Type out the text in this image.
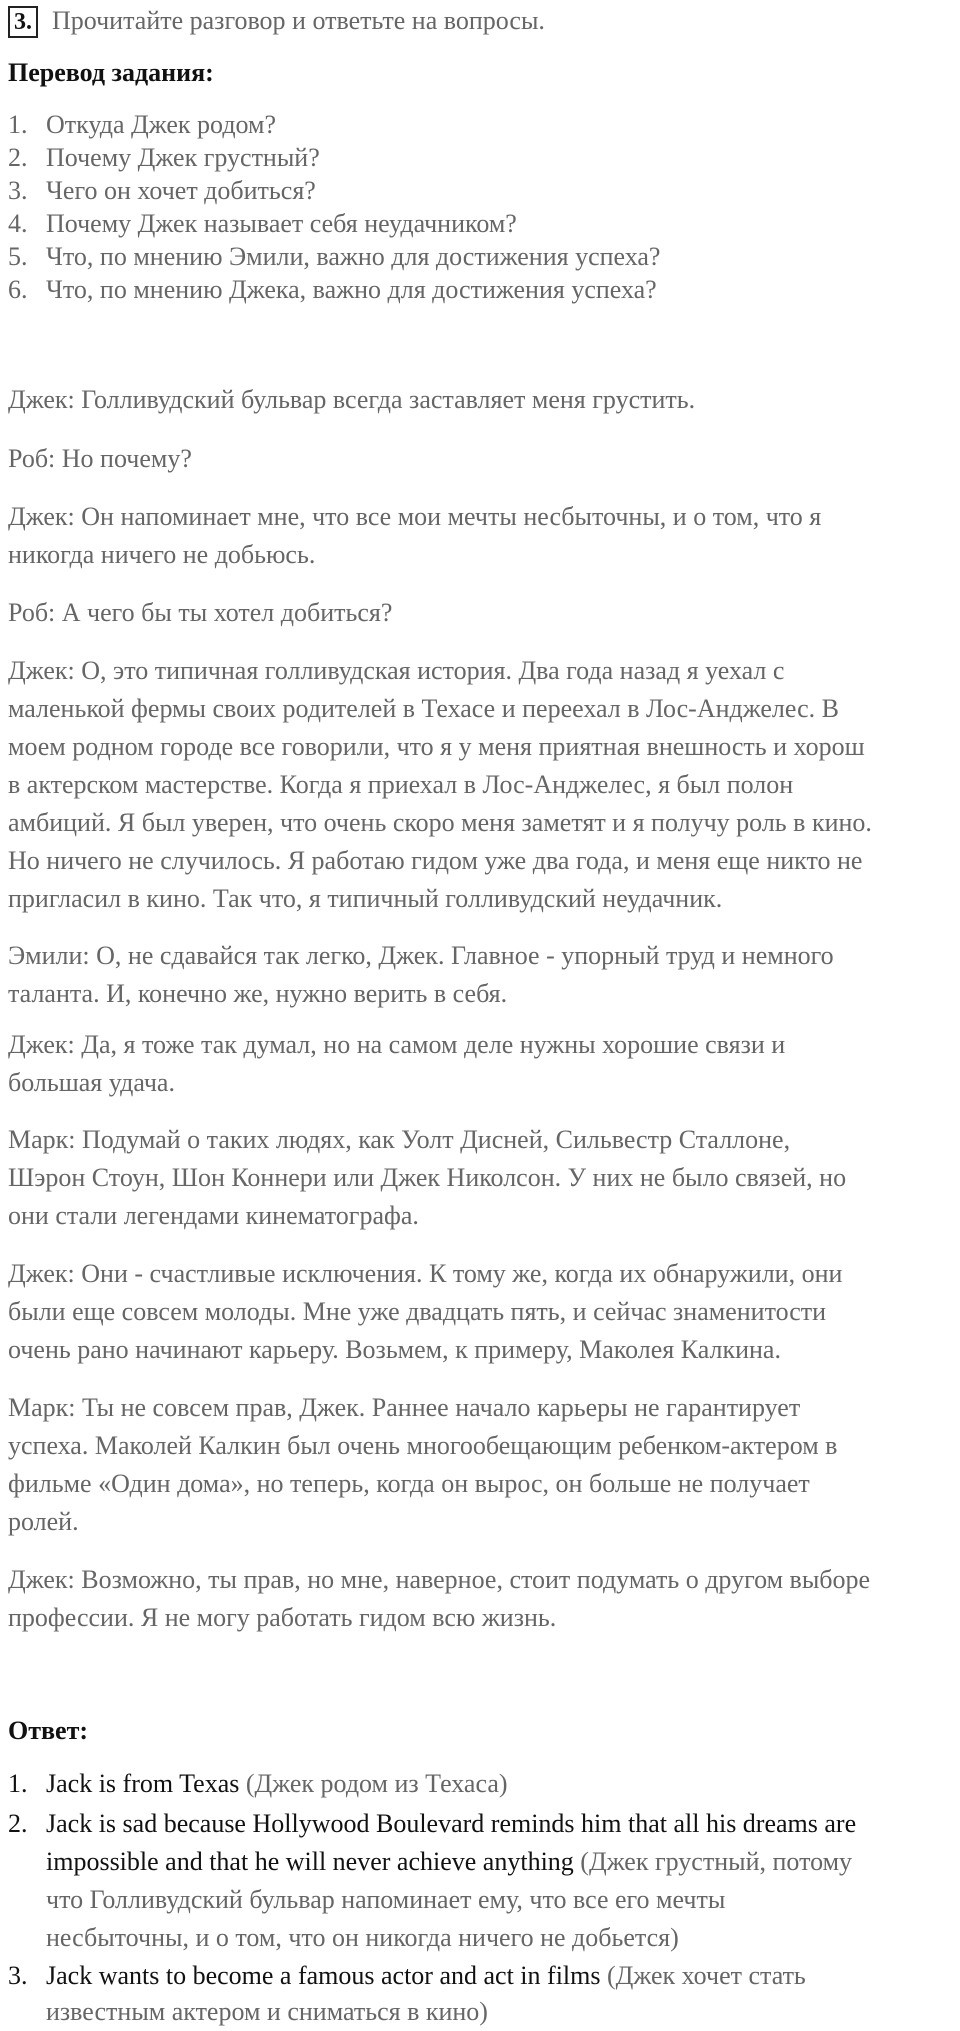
3. Прочитайте разговор и ответьте на вопросы.
Перевод задания:
1. Откуда Джек родом?
2. Почему Джек грустный?
3. Чего он хочет добиться?
4. Почему Джек называет себя неудачником?
5. Что, по мнению Эмили, важно для достижения успеха?
6. Что, по мнению Джека, важно для достижения успеха?
Джек: Голливудский бульвар всегда заставляет меня грустить.
Роб: Но почему?
Джек: Он напоминает мне, что все мои мечты несбыточны, и о том, что я
никогда ничего не добьюсь.
Роб: А чего бы ты хотел добиться?
Джек: О, это типичная голливудская история. Два года назад я уехал с
маленькой фермы своих родителей в Техасе и переехал в Лос-Анджелес. В
моем родном городе все говорили, что я у меня приятная внешность и хорош
в актерском мастерстве. Когда я приехал в Лос-Анджелес, я был полон
амбиций. Я был уверен, что очень скоро меня заметят и я получу роль в кино.
Но ничего не случилось. Я работаю гидом уже два года, и меня еще никто не
пригласил в кино. Так что, я типичный голливудский неудачник.
Эмили: О, не сдавайся так легко, Джек. Главное - упорный труд и немного
таланта. И, конечно же, нужно верить в себя.
Джек: Да, я тоже так думал, но на самом деле нужны хорошие связи и
большая удача.
Марк: Подумай о таких людях, как Уолт Дисней, Сильвестр Сталлоне,
Шэрон Стоун, Шон Коннери или Джек Николсон. У них не было связей, но
они стали легендами кинематографа.
Джек: Они - счастливые исключения. К тому же, когда их обнаружили, они
были еще совсем молоды. Мне уже двадцать пять, и сейчас знаменитости
очень рано начинают карьеру. Возьмем, к примеру, Маколея Калкина.
Марк: Ты не совсем прав, Джек. Раннее начало карьеры не гарантирует
успеха. Маколей Калкин был очень многообещающим ребенком-актером в
фильме «Один дома», но теперь, когда он вырос, он больше не получает
ролей.
Джек: Возможно, ты прав, но мне, наверное, стоит подумать о другом выборе
профессии. Я не могу работать гидом всю жизнь.
Ответ:
1. Jack is from Texas (Джек родом из Техаса)
2. Jack is sad because Hollywood Boulevard reminds him that all his dreams are
impossible and that he will never achieve anything (Джек грустный, потому
что Голливудский бульвар напоминает ему, что все его мечты
несбыточны, и о том, что он никогда ничего не добьется)
3. Jack wants to become a famous actor and act in films (Джек хочет стать
известным актером и сниматься в кино)
